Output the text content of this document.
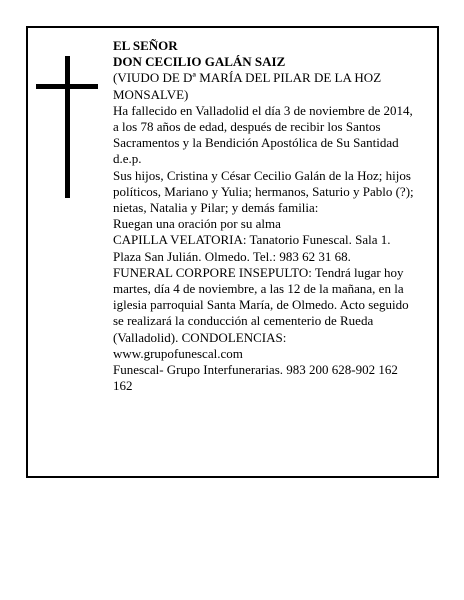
EL SEÑOR
DON CECILIO GALÁN SAIZ
(VIUDO DE Dª MARÍA DEL PILAR DE LA HOZ MONSALVE)
Ha fallecido en Valladolid el día 3 de noviembre de 2014, a los 78 años de edad, después de recibir los Santos Sacramentos y la Bendición Apostólica de Su Santidad
d.e.p.
Sus hijos, Cristina y César Cecilio Galán de la Hoz; hijos políticos, Mariano y Yulia; hermanos, Saturio y Pablo (?); nietas, Natalia y Pilar; y demás familia:
Ruegan una oración por su alma
CAPILLA VELATORIA: Tanatorio Funescal. Sala 1. Plaza San Julián. Olmedo. Tel.: 983 62 31 68.
FUNERAL CORPORE INSEPULTO: Tendrá lugar hoy martes, día 4 de noviembre, a las 12 de la mañana, en la iglesia parroquial Santa María, de Olmedo. Acto seguido se realizará la conducción al cementerio de Rueda (Valladolid). CONDOLENCIAS: www.grupofunescal.com
Funescal- Grupo Interfunerarias. 983 200 628-902 162 162
